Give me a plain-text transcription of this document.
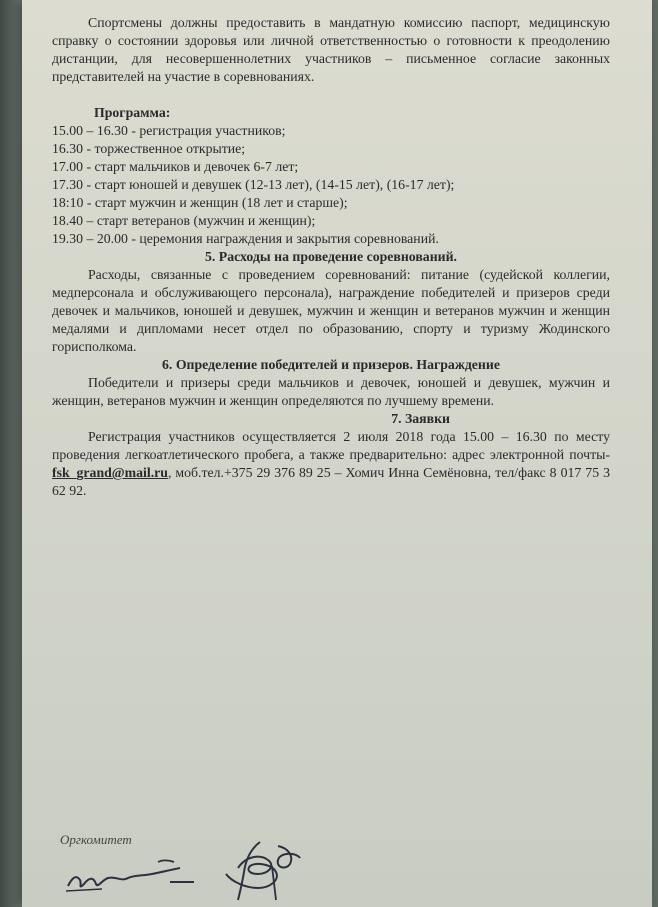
Спортсмены должны предоставить в мандатную комиссию паспорт, медицинскую справку о состоянии здоровья или личной ответственностью о готовности к преодолению дистанции, для несовершеннолетних участников – письменное согласие законных представителей на участие в соревнованиях.

Программа:
15.00 – 16.30 - регистрация участников;
16.30 - торжественное открытие;
17.00 - старт мальчиков и девочек 6-7 лет;
17.30 - старт юношей и девушек (12-13 лет), (14-15 лет), (16-17 лет);
18:10 - старт мужчин и женщин (18 лет и старше);
18.40 – старт ветеранов (мужчин и женщин);
19.30 – 20.00 - церемония награждения и закрытия соревнований.
5. Расходы на проведение соревнований.

Расходы, связанные с проведением соревнований: питание (судейской коллегии, медперсонала и обслуживающего персонала), награждение победителей и призеров среди девочек и мальчиков, юношей и девушек, мужчин и женщин и ветеранов мужчин и женщин медалями и дипломами несет отдел по образованию, спорту и туризму Жодинского горисполкома.

6. Определение победителей и призеров. Награждение

Победители и призеры среди мальчиков и девочек, юношей и девушек, мужчин и женщин, ветеранов мужчин и женщин определяются по лучшему времени.

7. Заявки

Регистрация участников осуществляется 2 июля 2018 года 15.00 – 16.30 по месту проведения легкоатлетического пробега, а также предварительно: адрес электронной почты- fsk_grand@mail.ru, моб.тел.+375 29 376 89 25 – Хомич Инна Семёновна, тел/факс 8 017 75 3 62 92.

Оргкомитет
